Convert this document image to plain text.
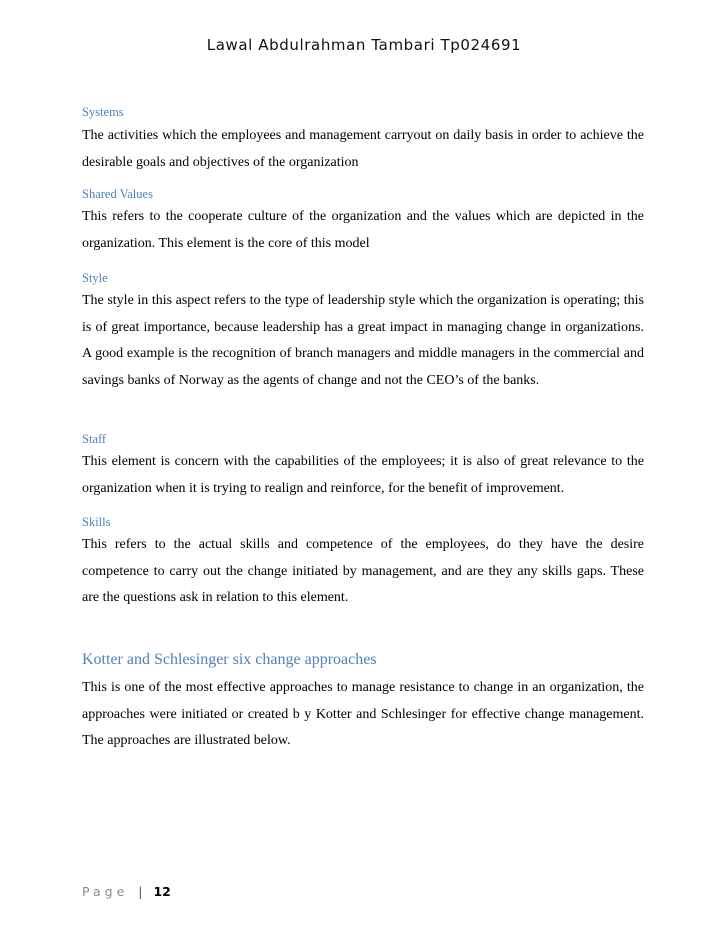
Lawal Abdulrahman Tambari Tp024691
Systems

The activities which the employees and management carryout on daily basis in order to achieve the desirable goals and objectives of the organization

Shared Values

This refers to the cooperate culture of the organization and the values which are depicted in the organization. This element is the core of this model

Style

The style in this aspect refers to the type of leadership style which the organization is operating; this is of great importance, because leadership has a great impact in managing change in organizations. A good example is the recognition of branch managers and middle managers in the commercial and savings banks of Norway as the agents of change and not the CEO’s of the banks.

Staff

This element is concern with the capabilities of the employees; it is also of great relevance to the organization when it is trying to realign and reinforce, for the benefit of improvement.

Skills

This refers to the actual skills and competence of the employees, do they have the desire competence to carry out the change initiated by management, and are they any skills gaps. These are the questions ask in relation to this element.

Kotter and Schlesinger six change approaches

This is one of the most effective approaches to manage resistance to change in an organization, the approaches were initiated or created b y Kotter and Schlesinger for effective change management. The approaches are illustrated below.

Page | 12
